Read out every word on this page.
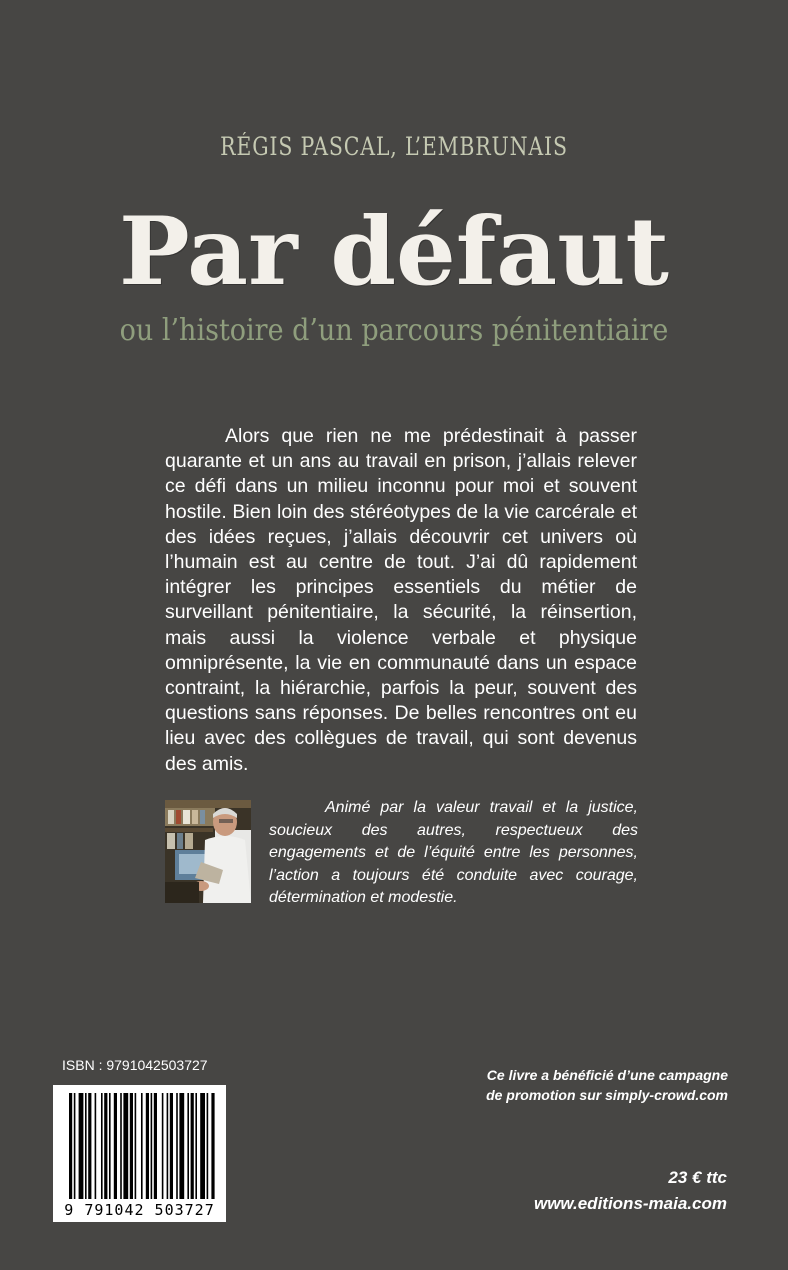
RÉGIS PASCAL, L’EMBRUNAIS
Par défaut
ou l’histoire d’un parcours pénitentiaire

Alors que rien ne me prédestinait à passer quarante et un ans au travail en prison, j’allais relever ce défi dans un milieu inconnu pour moi et souvent hostile. Bien loin des stéréotypes de la vie carcérale et des idées reçues, j’allais découvrir cet univers où l’humain est au centre de tout. J’ai dû rapidement intégrer les principes essentiels du métier de surveillant pénitentiaire, la sécurité, la réinsertion, mais aussi la violence verbale et physique omniprésente, la vie en communauté dans un espace contraint, la hiérarchie, parfois la peur, souvent des questions sans réponses. De belles rencontres ont eu lieu avec des collègues de travail, qui sont devenus des amis.

Animé par la valeur travail et la justice, soucieux des autres, respectueux des engagements et de l’équité entre les personnes, l’action a toujours été conduite avec courage, détermination et modestie.

ISBN : 9791042503727
9 791042 503727
Ce livre a bénéficié d’une campagne
de promotion sur simply-crowd.com
23 € ttc
www.editions-maia.com
